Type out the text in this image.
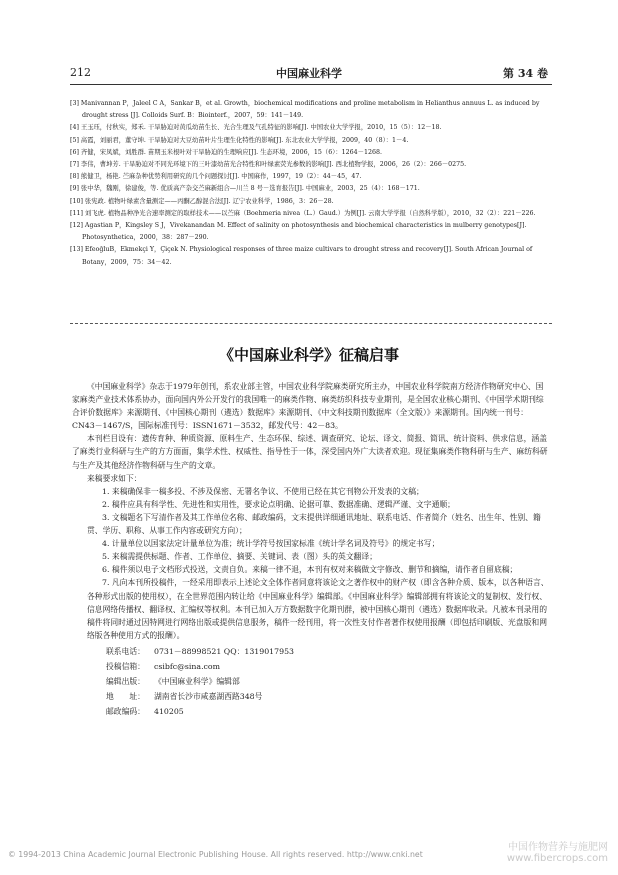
212	中国麻业科学	第 34 卷

[3] Manivannan P，Jaleel C A，Sankar B，et al. Growth，biochemical modifications and proline metabolism in Helianthus annuus L. as induced by drought stress [J]. Colloids Surf. B：Biointerf.，2007，59：141－149.

[4] 王玉珏，付秋实，郑禾. 干旱胁迫对黄瓜幼苗生长、光合生理及气孔特征的影响[J]. 中国农业大学学报，2010，15（5）：12－18.

[5] 高霞，刘丽君，董守坤. 干旱胁迫对大豆幼苗叶片生理生化特性的影响[J]. 东北农业大学学报，2009，40（8）：1－4.

[6] 齐健，宋凤斌，刘胜群. 苗期玉米根叶对干旱胁迫的生理响应[J]. 生态环境，2006，15（6）：1264－1268.

[7] 李伟，曹坤芳. 干旱胁迫对不同光环境下的三叶漆幼苗光合特性和叶绿素荧光参数的影响[J]. 西北植物学报，2006，26（2）：266－0275.

[8] 熊健卫，杨艳. 苎麻杂种优势利用研究的几个问题探讨[J]. 中国麻作，1997，19（2）：44－45，47.

[9] 张中华，魏刚，徐建俊，等. 优质高产杂交苎麻新组合—川兰 8 号－选育报告[J]. 中国麻业，2003，25（4）：168－171.

[10] 张宪政. 植物叶绿素含量测定——丙酮乙醇混合法[J]. 辽宁农业科学，1986，3：26－28.

[11] 刘飞虎. 植物品种净光合速率测定的取样技术——以苎麻（Boehmeria nivea（L.）Gaud.）为例[J]. 云南大学学报（自然科学版），2010，32（2）：221－226.

[12] Agastian P，Kingsley S J，Vivekanandan M. Effect of salinity on photosynthesis and biochemical characteristics in mulberry genotypes[J]. Photosynthetica，2000，38：287－290.

[13] EfeoğluB，Ekmekçi Y，Çiçek N. Physiological responses of three maize cultivars to drought stress and recovery[J]. South African Journal of Botany，2009，75：34－42.

《中国麻业科学》征稿启事

《中国麻业科学》杂志于1979年创刊，系农业部主管，中国农业科学院麻类研究所主办，中国农业科学院南方经济作物研究中心、国家麻类产业技术体系协办，面向国内外公开发行的我国唯一的麻类作物、麻类纺织科技专业期刊，是全国农业核心期刊、《中国学术期刊综合评价数据库》来源期刊、《中国核心期刊（遴选）数据库》来源期刊、《中文科技期刊数据库（全文版）》来源期刊。国内统一刊号：CN43－1467/S，国际标准刊号：ISSN1671－3532，邮发代号：42－83。

本刊栏目设有：遗传育种、种质资源、原料生产、生态环保、综述、调查研究、论坛、译文、简报、简讯、统计资料、供求信息，涵盖了麻类行业科研与生产的方方面面，集学术性、权威性、指导性于一体，深受国内外广大读者欢迎。现征集麻类作物科研与生产、麻纺科研与生产及其他经济作物科研与生产的文章。

来稿要求如下：

1. 来稿确保非一稿多投、不涉及保密、无署名争议、不使用已经在其它刊物公开发表的文稿；

2. 稿件应具有科学性、先进性和实用性，要求论点明确、论据可靠、数据准确、逻辑严谨、文字通顺；

3. 文稿题名下写清作者及其工作单位名称、邮政编码，文末提供详细通讯地址、联系电话、作者简介（姓名、出生年、性别、籍贯、学历、职称、从事工作内容或研究方向）；

4. 计量单位以国家法定计量单位为准；统计学符号按国家标准《统计学名词及符号》的规定书写；

5. 来稿需提供标题、作者、工作单位、摘要、关键词、表（图）头的英文翻译；

6. 稿件须以电子文档形式投送，文责自负。来稿一律不退，本刊有权对来稿做文字修改、删节和摘编，请作者自留底稿；

7. 凡向本刊所投稿件，一经采用即表示上述论文全体作者同意将该论文之著作权中的财产权（即含各种介质、版本，以各种语言、各种形式出版的使用权），在全世界范围内转让给《中国麻业科学》编辑部。《中国麻业科学》编辑部拥有将该论文的复制权、发行权、信息网络传播权、翻译权、汇编权等权利。本刊已加入万方数据数字化期刊群，被中国核心期刊（遴选）数据库收录。凡被本刊录用的稿件将同时通过因特网进行网络出版或提供信息服务，稿件一经刊用，将一次性支付作者著作权使用报酬（即包括印刷版、光盘版和网络版各种使用方式的报酬）。

联系电话： 0731－88998521 QQ：1319017953
投稿信箱： csibfc@sina.com
编辑出版： 《中国麻业科学》编辑部
地　　址： 湖南省长沙市咸嘉湖西路348号
邮政编码： 410205
© 1994-2013 China Academic Journal Electronic Publishing House. All rights reserved. http://www.cnki.net
中国作物营养与施肥网
www.fibercrops.com
